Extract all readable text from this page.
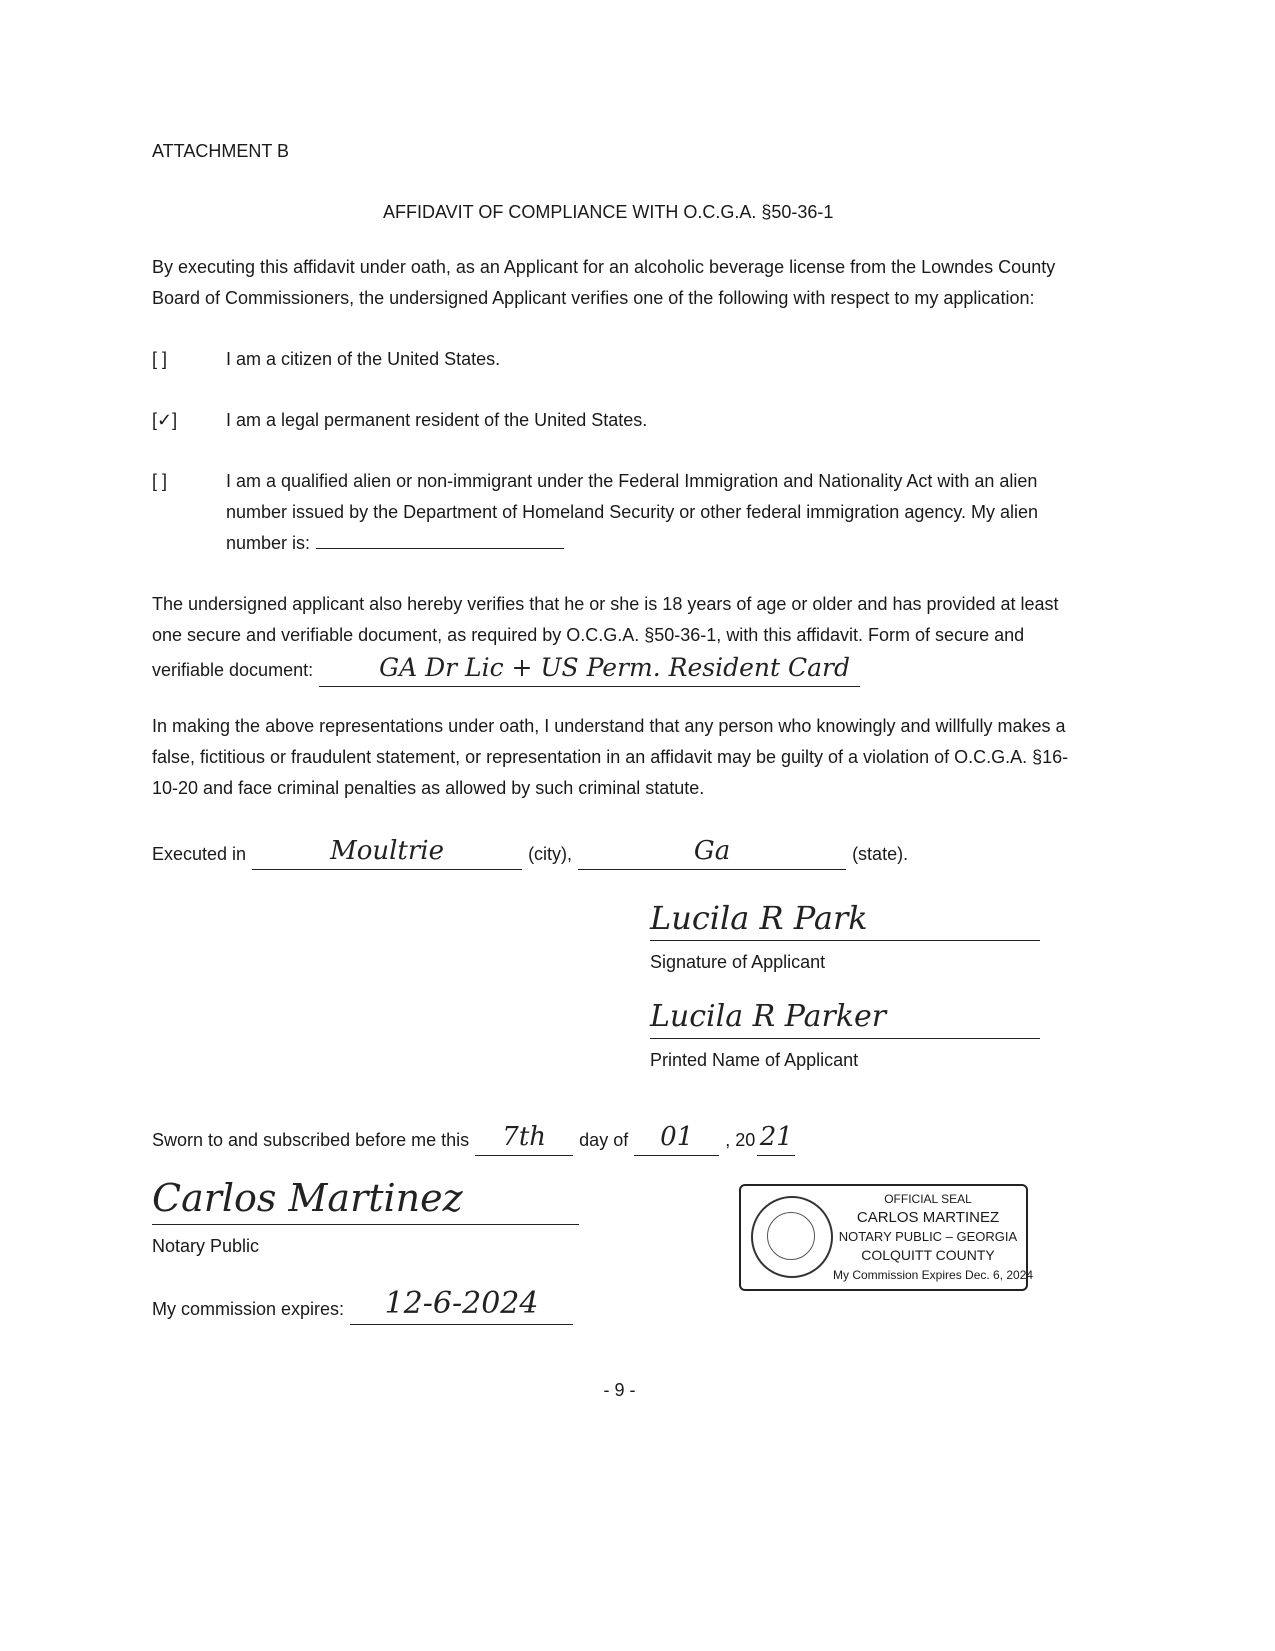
ATTACHMENT B
AFFIDAVIT OF COMPLIANCE WITH O.C.G.A. §50-36-1
By executing this affidavit under oath, as an Applicant for an alcoholic beverage license from the Lowndes County Board of Commissioners, the undersigned Applicant verifies one of the following with respect to my application:
[ ]	I am a citizen of the United States.
[✓]	I am a legal permanent resident of the United States.
[ ]	I am a qualified alien or non-immigrant under the Federal Immigration and Nationality Act with an alien number issued by the Department of Homeland Security or other federal immigration agency. My alien number is:
The undersigned applicant also hereby verifies that he or she is 18 years of age or older and has provided at least one secure and verifiable document, as required by O.C.G.A. §50-36-1, with this affidavit. Form of secure and verifiable document:	GA Dr Lic + US Perm. Resident Card
In making the above representations under oath, I understand that any person who knowingly and willfully makes a false, fictitious or fraudulent statement, or representation in an affidavit may be guilty of a violation of O.C.G.A. §16-10-20 and face criminal penalties as allowed by such criminal statute.
Executed in	Moultrie	(city),	Ga	(state).
Lucila R Park
Signature of Applicant
Lucila R Parker
Printed Name of Applicant
Sworn to and subscribed before me this	7th	day of	01	, 20 21
Carlos Martinez
Notary Public
My commission expires:	12-6-2024
OFFICIAL SEAL
CARLOS MARTINEZ
NOTARY PUBLIC – GEORGIA
COLQUITT COUNTY
My Commission Expires Dec. 6, 2024
- 9 -
